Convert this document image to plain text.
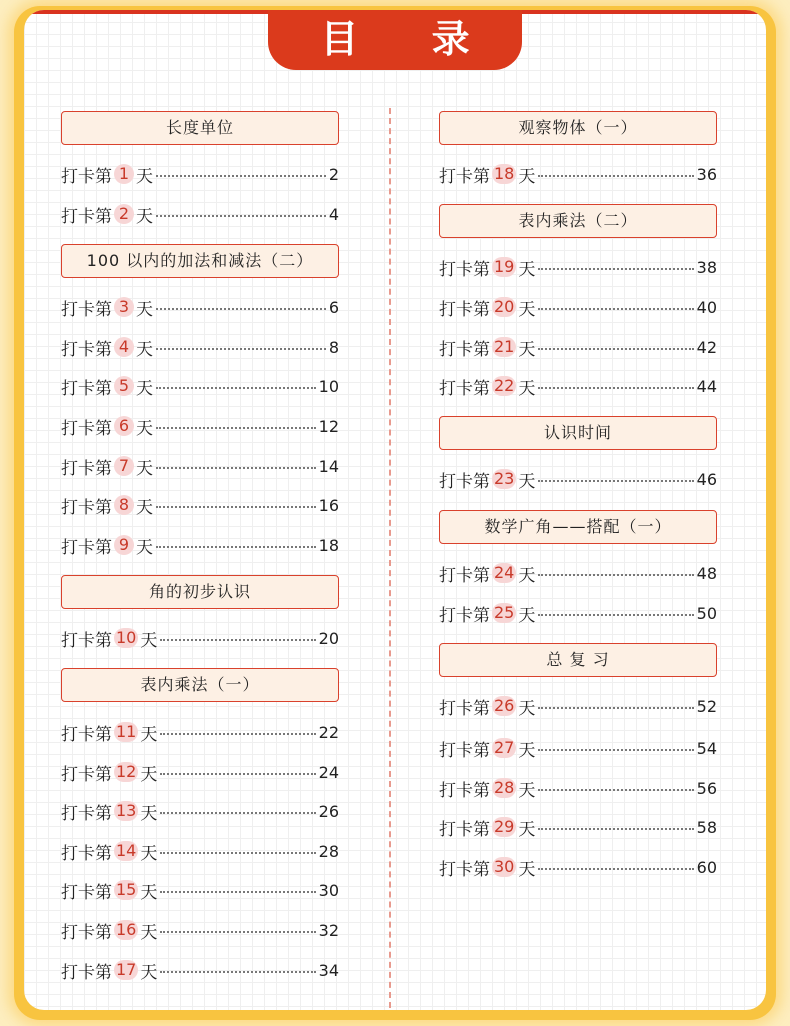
目 录
长度单位
打卡第 1 天	2
打卡第 2 天	4
100 以内的加法和减法（二）
打卡第 3 天	6
打卡第 4 天	8
打卡第 5 天	10
打卡第 6 天	12
打卡第 7 天	14
打卡第 8 天	16
打卡第 9 天	18
角的初步认识
打卡第 10 天	20
表内乘法（一）
打卡第 11 天	22
打卡第 12 天	24
打卡第 13 天	26
打卡第 14 天	28
打卡第 15 天	30
打卡第 16 天	32
打卡第 17 天	34
观察物体（一）
打卡第 18 天	36
表内乘法（二）
打卡第 19 天	38
打卡第 20 天	40
打卡第 21 天	42
打卡第 22 天	44
认识时间
打卡第 23 天	46
数学广角——搭配（一）
打卡第 24 天	48
打卡第 25 天	50
总 复 习
打卡第 26 天	52
打卡第 27 天	54
打卡第 28 天	56
打卡第 29 天	58
打卡第 30 天	60
